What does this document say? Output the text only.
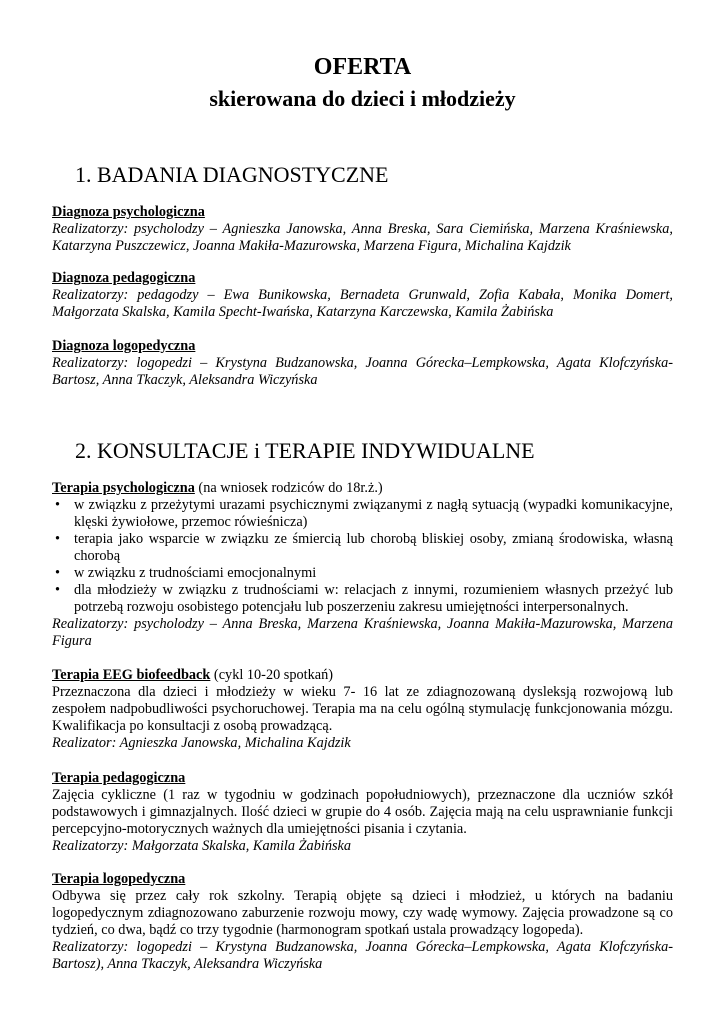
OFERTA
skierowana do dzieci i młodzieży
1. BADANIA DIAGNOSTYCZNE

Diagnoza psychologiczna

Realizatorzy: psycholodzy – Agnieszka Janowska, Anna Breska, Sara Ciemińska, Marzena Kraśniewska, Katarzyna Puszczewicz, Joanna Makiła-Mazurowska, Marzena Figura, Michalina Kajdzik

Diagnoza pedagogiczna

Realizatorzy: pedagodzy – Ewa Bunikowska, Bernadeta Grunwald, Zofia Kabała, Monika Domert, Małgorzata Skalska, Kamila Specht-Iwańska, Katarzyna Karczewska, Kamila Żabińska

Diagnoza logopedyczna

Realizatorzy: logopedzi – Krystyna Budzanowska, Joanna Górecka–Lempkowska, Agata Klofczyńska-Bartosz, Anna Tkaczyk, Aleksandra Wiczyńska

2. KONSULTACJE i TERAPIE INDYWIDUALNE

Terapia psychologiczna (na wniosek rodziców do 18r.ż.)

• w związku z przeżytymi urazami psychicznymi związanymi z nagłą sytuacją (wypadki komunikacyjne, klęski żywiołowe, przemoc rówieśnicza)
• terapia jako wsparcie w związku ze śmiercią lub chorobą bliskiej osoby, zmianą środowiska, własną chorobą
• w związku z trudnościami emocjonalnymi
• dla młodzieży w związku z trudnościami w: relacjach z innymi, rozumieniem własnych przeżyć lub potrzebą rozwoju osobistego potencjału lub poszerzeniu zakresu umiejętności interpersonalnych.

Realizatorzy: psycholodzy – Anna Breska, Marzena Kraśniewska, Joanna Makiła-Mazurowska, Marzena Figura

Terapia EEG biofeedback (cykl 10-20 spotkań)

Przeznaczona dla dzieci i młodzieży w wieku 7- 16 lat ze zdiagnozowaną dysleksją rozwojową lub zespołem nadpobudliwości psychoruchowej. Terapia ma na celu ogólną stymulację funkcjonowania mózgu. Kwalifikacja po konsultacji z osobą prowadzącą.

Realizator: Agnieszka Janowska, Michalina Kajdzik

Terapia pedagogiczna

Zajęcia cykliczne (1 raz w tygodniu w godzinach popołudniowych), przeznaczone dla uczniów szkół podstawowych i gimnazjalnych. Ilość dzieci w grupie do 4 osób. Zajęcia mają na celu usprawnianie funkcji percepcyjno-motorycznych ważnych dla umiejętności pisania i czytania.

Realizatorzy: Małgorzata Skalska, Kamila Żabińska

Terapia logopedyczna

Odbywa się przez cały rok szkolny. Terapią objęte są dzieci i młodzież, u których na badaniu logopedycznym zdiagnozowano zaburzenie rozwoju mowy, czy wadę wymowy. Zajęcia prowadzone są co tydzień, co dwa, bądź co trzy tygodnie (harmonogram spotkań ustala prowadzący logopeda).

Realizatorzy: logopedzi – Krystyna Budzanowska, Joanna Górecka–Lempkowska, Agata Klofczyńska-Bartosz), Anna Tkaczyk, Aleksandra Wiczyńska
